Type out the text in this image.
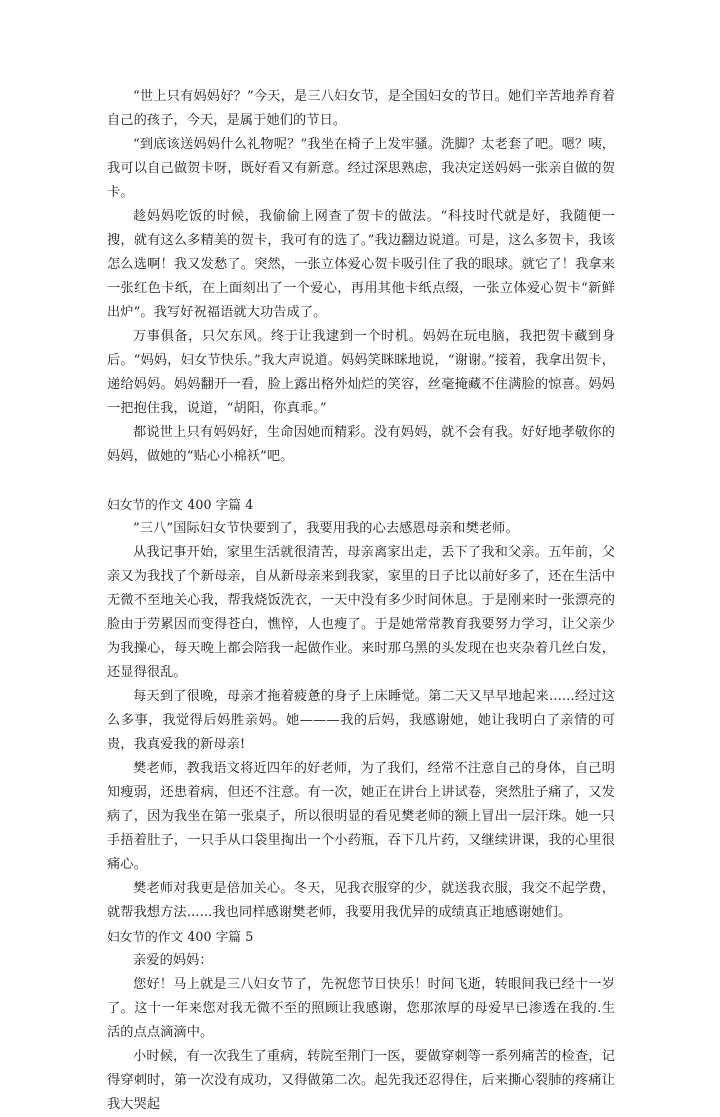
“世上只有妈妈好？”今天，是三八妇女节，是全国妇女的节日。她们辛苦地养育着自己的孩子，今天，是属于她们的节日。

“到底该送妈妈什么礼物呢？”我坐在椅子上发牢骚。洗脚？太老套了吧。嗯？咦，我可以自己做贺卡呀，既好看又有新意。经过深思熟虑，我决定送妈妈一张亲自做的贺卡。

趁妈妈吃饭的时候，我偷偷上网查了贺卡的做法。“科技时代就是好，我随便一搜，就有这么多精美的贺卡，我可有的选了。”我边翻边说道。可是，这么多贺卡，我该怎么选啊！我又发愁了。突然，一张立体爱心贺卡吸引住了我的眼球。就它了！我拿来一张红色卡纸，在上面刻出了一个爱心，再用其他卡纸点缀，一张立体爱心贺卡“新鲜出炉”。我写好祝福语就大功告成了。

万事俱备，只欠东风。终于让我逮到一个时机。妈妈在玩电脑，我把贺卡藏到身后。“妈妈，妇女节快乐。”我大声说道。妈妈笑眯眯地说，“谢谢。”接着，我拿出贺卡，递给妈妈。妈妈翻开一看，脸上露出格外灿烂的笑容，丝毫掩藏不住满脸的惊喜。妈妈一把抱住我，说道，“胡阳，你真乖。”

都说世上只有妈妈好，生命因她而精彩。没有妈妈，就不会有我。好好地孝敬你的妈妈，做她的“贴心小棉袄”吧。

妇女节的作文 400 字篇 4

”三八”国际妇女节快要到了，我要用我的心去感恩母亲和樊老师。

从我记事开始，家里生活就很清苦，母亲离家出走，丢下了我和父亲。五年前，父亲又为我找了个新母亲，自从新母亲来到我家，家里的日子比以前好多了，还在生活中无微不至地关心我，帮我烧饭洗衣，一天中没有多少时间休息。于是刚来时一张漂亮的脸由于劳累因而变得苍白，憔悴，人也瘦了。于是她常常教育我要努力学习，让父亲少为我操心，每天晚上都会陪我一起做作业。来时那乌黑的头发现在也夹杂着几丝白发，还显得很乱。

每天到了很晚，母亲才拖着疲惫的身子上床睡觉。第二天又早早地起来......经过这么多事，我觉得后妈胜亲妈。她———我的后妈，我感谢她，她让我明白了亲情的可贵，我真爱我的新母亲!

樊老师，教我语文将近四年的好老师，为了我们，经常不注意自己的身体，自己明知瘦弱，还患着病，但还不注意。有一次，她正在讲台上讲试卷，突然肚子痛了，又发病了，因为我坐在第一张桌子，所以很明显的看见樊老师的额上冒出一层汗珠。她一只手捂着肚子，一只手从口袋里掏出一个小药瓶，吞下几片药，又继续讲课，我的心里很痛心。

樊老师对我更是倍加关心。冬天，见我衣服穿的少，就送我衣服，我交不起学费，就帮我想方法......我也同样感谢樊老师，我要用我优异的成绩真正地感谢她们。

妇女节的作文 400 字篇 5

亲爱的妈妈：

您好！马上就是三八妇女节了，先祝您节日快乐！时间飞逝，转眼间我已经十一岁了。这十一年来您对我无微不至的照顾让我感谢，您那浓厚的母爱早已渗透在我的.生活的点点滴滴中。

小时候，有一次我生了重病，转院至荆门一医，要做穿刺等一系列痛苦的检查，记得穿刺时，第一次没有成功，又得做第二次。起先我还忍得住，后来撕心裂肺的疼痛让我大哭起
